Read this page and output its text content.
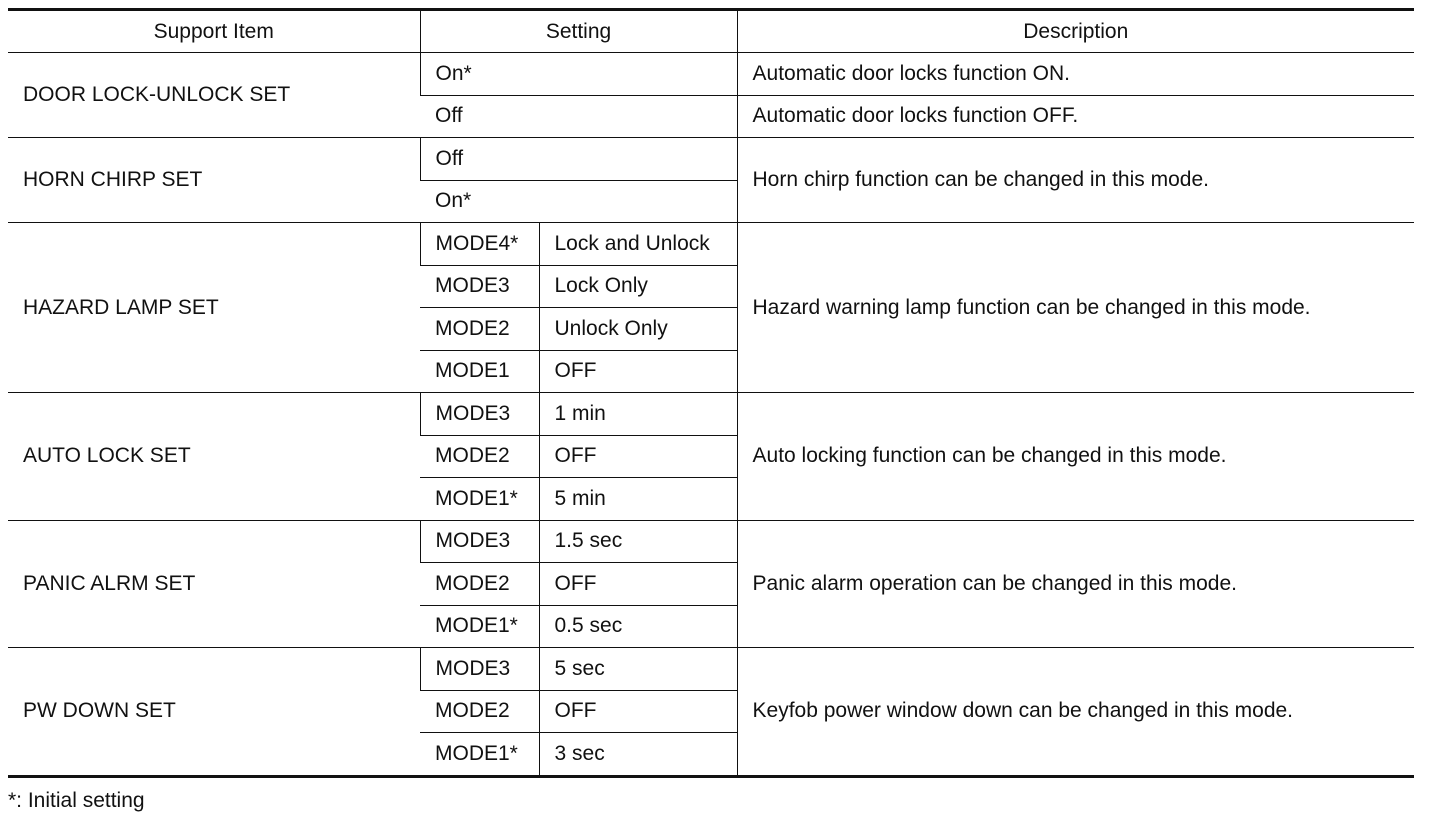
Support Item	Setting		Description
DOOR LOCK-UNLOCK SET	On*		Automatic door locks function ON.
	Off		Automatic door locks function OFF.
HORN CHIRP SET	Off		Horn chirp function can be changed in this mode.
	On*		
HAZARD LAMP SET	MODE4*	Lock and Unlock	Hazard warning lamp function can be changed in this mode.
	MODE3	Lock Only	
	MODE2	Unlock Only	
	MODE1	OFF	
AUTO LOCK SET	MODE3	1 min	Auto locking function can be changed in this mode.
	MODE2	OFF	
	MODE1*	5 min	
PANIC ALRM SET	MODE3	1.5 sec	Panic alarm operation can be changed in this mode.
	MODE2	OFF	
	MODE1*	0.5 sec	
PW DOWN SET	MODE3	5 sec	Keyfob power window down can be changed in this mode.
	MODE2	OFF	
	MODE1*	3 sec	
*: Initial setting
